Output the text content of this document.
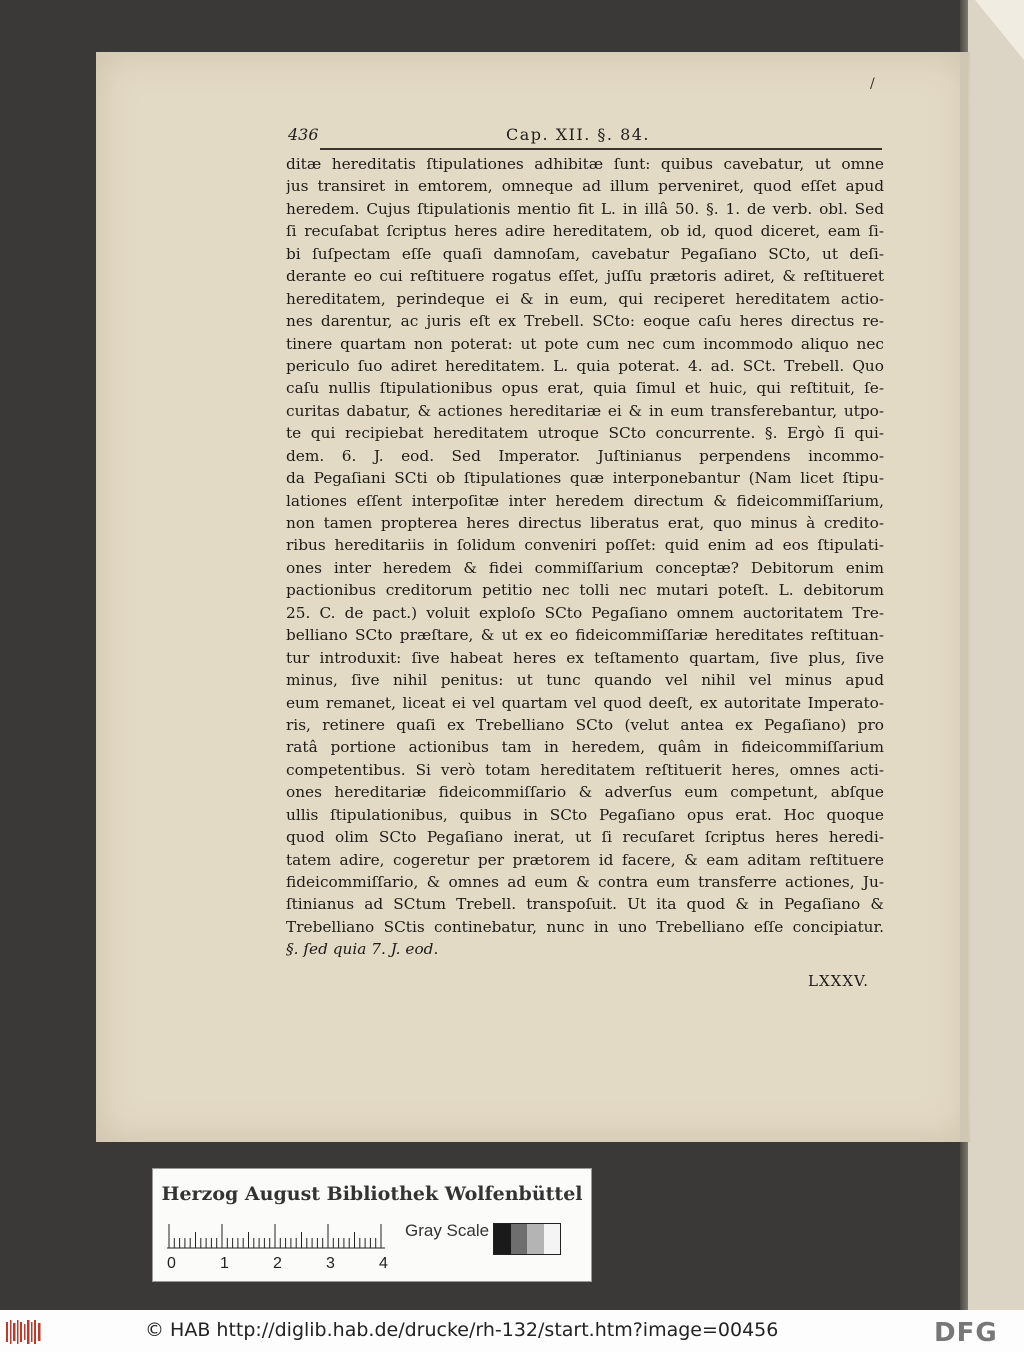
/
436	Cap. XII. §. 84.
ditæ hereditatis ſtipulationes adhibitæ ſunt: quibus cavebatur, ut omne
jus transiret in emtorem, omneque ad illum perveniret, quod eſſet apud
heredem. Cujus ſtipulationis mentio fit L. in illâ 50. §. 1. de verb. obl. Sed
ſi recuſabat ſcriptus heres adire hereditatem, ob id, quod diceret, eam ſi-
bi ſuſpectam eſſe quaſi damnoſam, cavebatur Pegaſiano SCto, ut deſi-
derante eo cui reſtituere rogatus eſſet, juſſu prætoris adiret, & reſtitueret
hereditatem, perindeque ei & in eum, qui reciperet hereditatem actio-
nes darentur, ac juris eſt ex Trebell. SCto: eoque caſu heres directus re-
tinere quartam non poterat: ut pote cum nec cum incommodo aliquo nec
periculo ſuo adiret hereditatem. L. quia poterat. 4. ad. SCt. Trebell. Quo
caſu nullis ſtipulationibus opus erat, quia ſimul et huic, qui reſtituit, ſe-
curitas dabatur, & actiones hereditariæ ei & in eum transferebantur, utpo-
te qui recipiebat hereditatem utroque SCto concurrente. §. Ergò ſi qui-
dem. 6. J. eod. Sed Imperator. Juſtinianus perpendens incommo-
da Pegaſiani SCti ob ſtipulationes quæ interponebantur (Nam licet ſtipu-
lationes eſſent interpoſitæ inter heredem directum & fideicommiſſarium,
non tamen propterea heres directus liberatus erat, quo minus à credito-
ribus hereditariis in ſolidum conveniri poſſet: quid enim ad eos ſtipulati-
ones inter heredem & fidei commiſſarium conceptæ? Debitorum enim
pactionibus creditorum petitio nec tolli nec mutari poteſt. L. debitorum
25. C. de pact.) voluit exploſo SCto Pegaſiano omnem auctoritatem Tre-
belliano SCto præſtare, & ut ex eo fideicommiſſariæ hereditates reſtituan-
tur introduxit: ſive habeat heres ex teſtamento quartam, ſive plus, ſive
minus, ſive nihil penitus: ut tunc quando vel nihil vel minus apud
eum remanet, liceat ei vel quartam vel quod deeſt, ex autoritate Imperato-
ris, retinere quaſi ex Trebelliano SCto (velut antea ex Pegaſiano) pro
ratâ portione actionibus tam in heredem, quâm in fideicommiſſarium
competentibus. Si verò totam hereditatem reſtituerit heres, omnes acti-
ones hereditariæ fideicommiſſario & adverſus eum competunt, abſque
ullis ſtipulationibus, quibus in SCto Pegaſiano opus erat. Hoc quoque
quod olim SCto Pegaſiano inerat, ut ſi recuſaret ſcriptus heres heredi-
tatem adire, cogeretur per prætorem id facere, & eam aditam reſtituere
fideicommiſſario, & omnes ad eum & contra eum transferre actiones, Ju-
ſtinianus ad SCtum Trebell. transpoſuit. Ut ita quod & in Pegaſiano &
Trebelliano SCtis continebatur, nunc in uno Trebelliano eſſe concipiatur.
§. ſed quia 7. J. eod.
LXXXV.
Herzog August Bibliothek Wolfenbüttel
Gray Scale
0	1	2	3	4
© HAB http://diglib.hab.de/drucke/rh-132/start.htm?image=00456	DFG
